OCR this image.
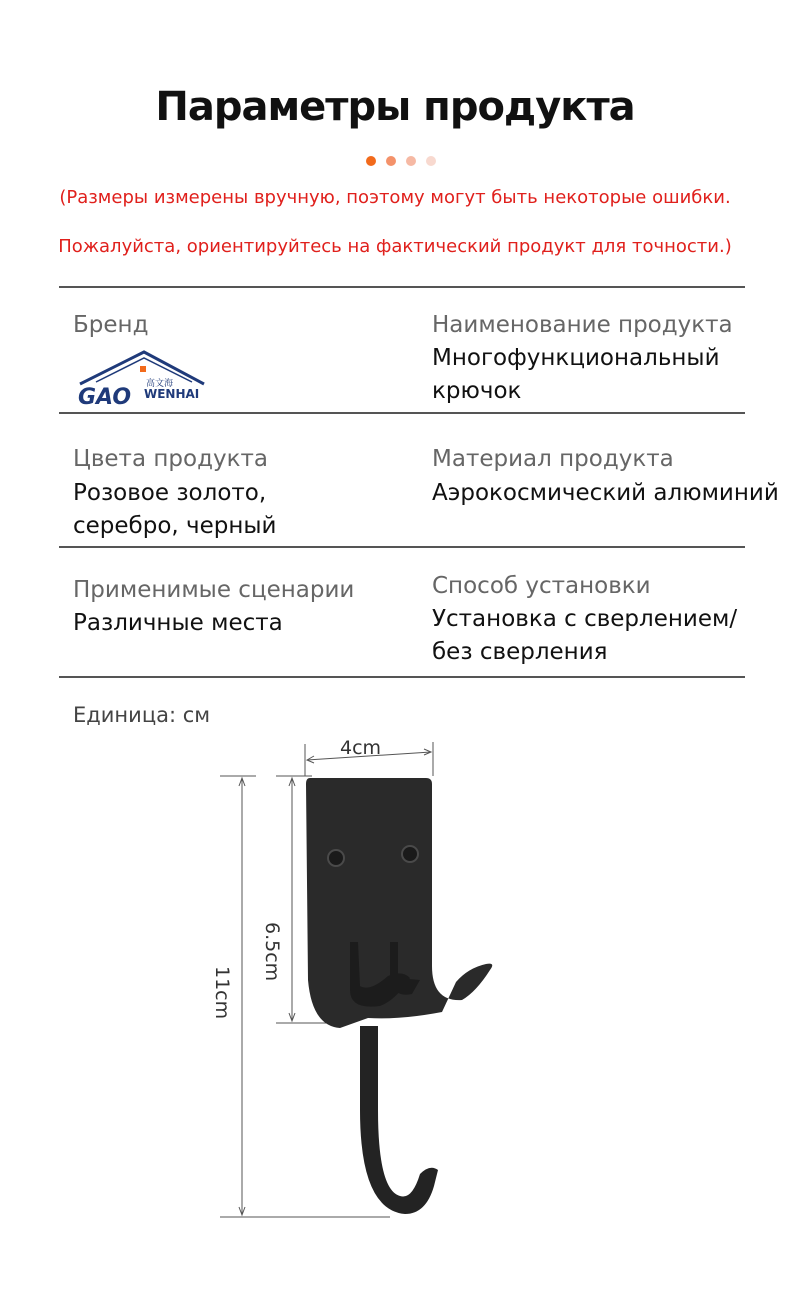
Параметры продукта
(Размеры измерены вручную, поэтому могут быть некоторые ошибки.
Пожалуйста, ориентируйтесь на фактический продукт для точности.)
Бренд
GAO
高文海
WENHAI
Наименование продукта
Многофункциональный
крючок
Цвета продукта
Розовое золото,
серебро, черный
Материал продукта
Аэрокосмический алюминий
Применимые сценарии
Различные места
Способ установки
Установка с сверлением/
без сверления
Единица: см
4cm
6.5cm
11cm
